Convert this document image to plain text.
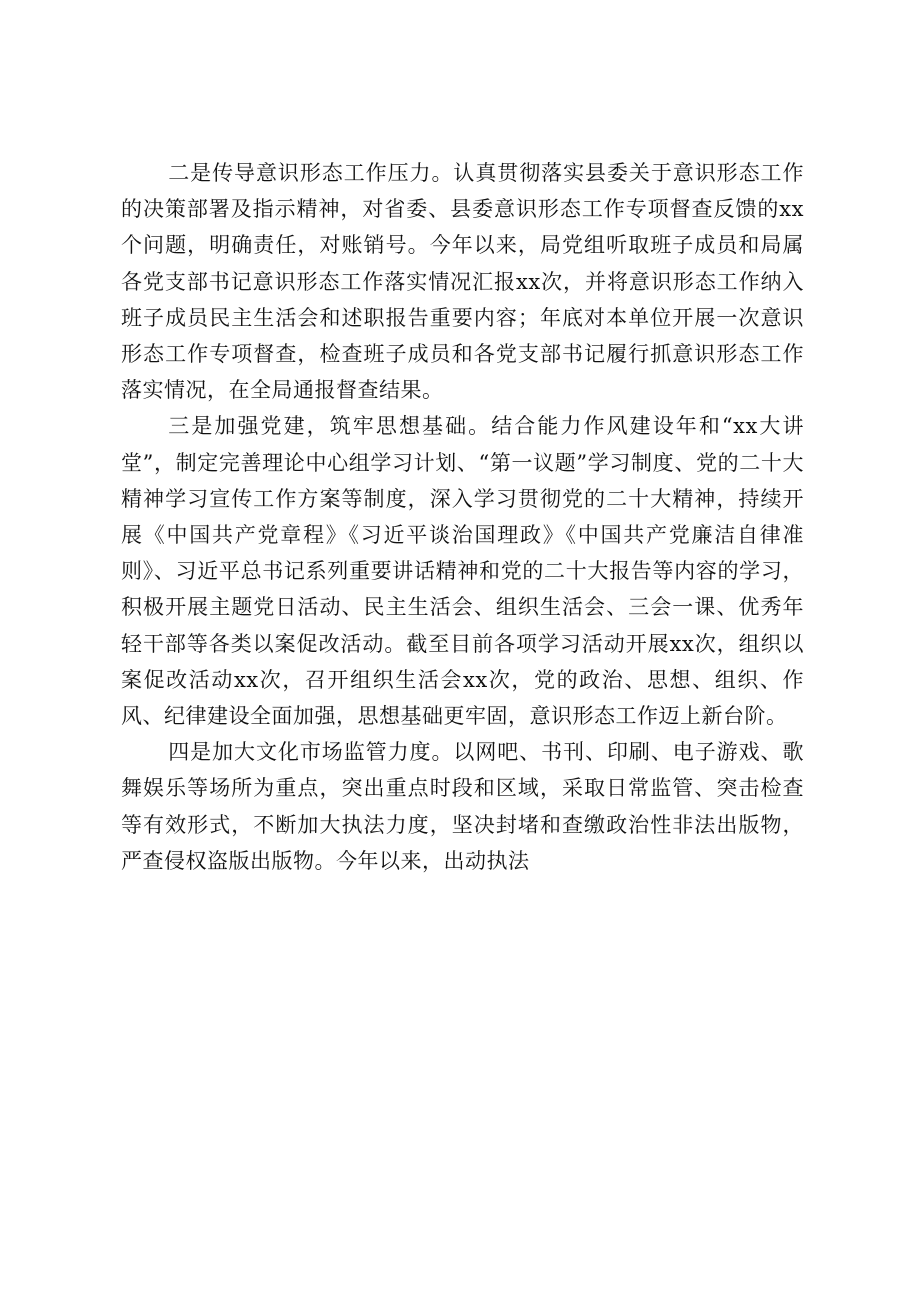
二是传导意识形态工作压力。认真贯彻落实县委关于意识形态工作的决策部署及指示精神，对省委、县委意识形态工作专项督查反馈的xx个问题，明确责任，对账销号。今年以来，局党组听取班子成员和局属各党支部书记意识形态工作落实情况汇报xx次，并将意识形态工作纳入班子成员民主生活会和述职报告重要内容；年底对本单位开展一次意识形态工作专项督查，检查班子成员和各党支部书记履行抓意识形态工作落实情况，在全局通报督查结果。

三是加强党建，筑牢思想基础。结合能力作风建设年和“xx大讲堂”，制定完善理论中心组学习计划、“第一议题”学习制度、党的二十大精神学习宣传工作方案等制度，深入学习贯彻党的二十大精神，持续开展《中国共产党章程》《习近平谈治国理政》《中国共产党廉洁自律准则》、习近平总书记系列重要讲话精神和党的二十大报告等内容的学习，积极开展主题党日活动、民主生活会、组织生活会、三会一课、优秀年轻干部等各类以案促改活动。截至目前各项学习活动开展xx次，组织以案促改活动xx次，召开组织生活会xx次，党的政治、思想、组织、作风、纪律建设全面加强，思想基础更牢固，意识形态工作迈上新台阶。

四是加大文化市场监管力度。以网吧、书刊、印刷、电子游戏、歌舞娱乐等场所为重点，突出重点时段和区域，采取日常监管、突击检查等有效形式，不断加大执法力度，坚决封堵和查缴政治性非法出版物，严查侵权盗版出版物。今年以来，出动执法
